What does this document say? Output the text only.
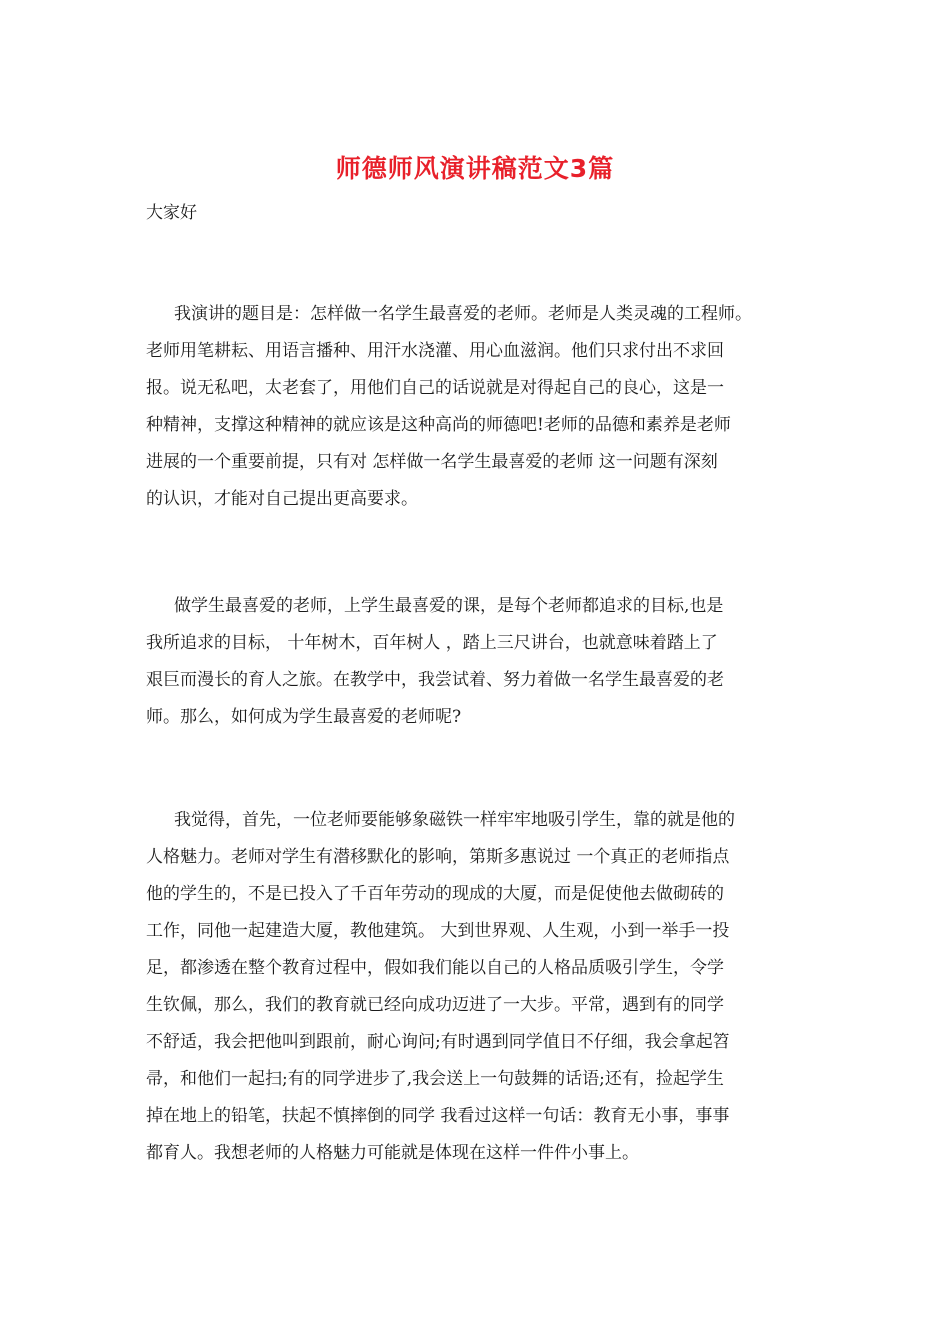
师德师风演讲稿范文3篇

大家好

我演讲的题目是：怎样做一名学生最喜爱的老师。老师是人类灵魂的工程师。
老师用笔耕耘、用语言播种、用汗水浇灌、用心血滋润。他们只求付出不求回
报。说无私吧，太老套了，用他们自己的话说就是对得起自己的良心，这是一
种精神，支撑这种精神的就应该是这种高尚的师德吧!老师的品德和素养是老师
进展的一个重要前提，只有对 怎样做一名学生最喜爱的老师 这一问题有深刻
的认识，才能对自己提出更高要求。
做学生最喜爱的老师，上学生最喜爱的课，是每个老师都追求的目标,也是
我所追求的目标， 十年树木，百年树人 ，踏上三尺讲台，也就意味着踏上了
艰巨而漫长的育人之旅。在教学中，我尝试着、努力着做一名学生最喜爱的老
师。那么，如何成为学生最喜爱的老师呢?
我觉得，首先，一位老师要能够象磁铁一样牢牢地吸引学生，靠的就是他的
人格魅力。老师对学生有潜移默化的影响，第斯多惠说过 一个真正的老师指点
他的学生的，不是已投入了千百年劳动的现成的大厦，而是促使他去做砌砖的
工作，同他一起建造大厦，教他建筑。 大到世界观、人生观，小到一举手一投
足，都渗透在整个教育过程中，假如我们能以自己的人格品质吸引学生，令学
生钦佩，那么，我们的教育就已经向成功迈进了一大步。平常，遇到有的同学
不舒适，我会把他叫到跟前，耐心询问;有时遇到同学值日不仔细，我会拿起笤
帚，和他们一起扫;有的同学进步了,我会送上一句鼓舞的话语;还有，捡起学生
掉在地上的铅笔，扶起不慎摔倒的同学 我看过这样一句话：教育无小事，事事
都育人。我想老师的人格魅力可能就是体现在这样一件件小事上。
